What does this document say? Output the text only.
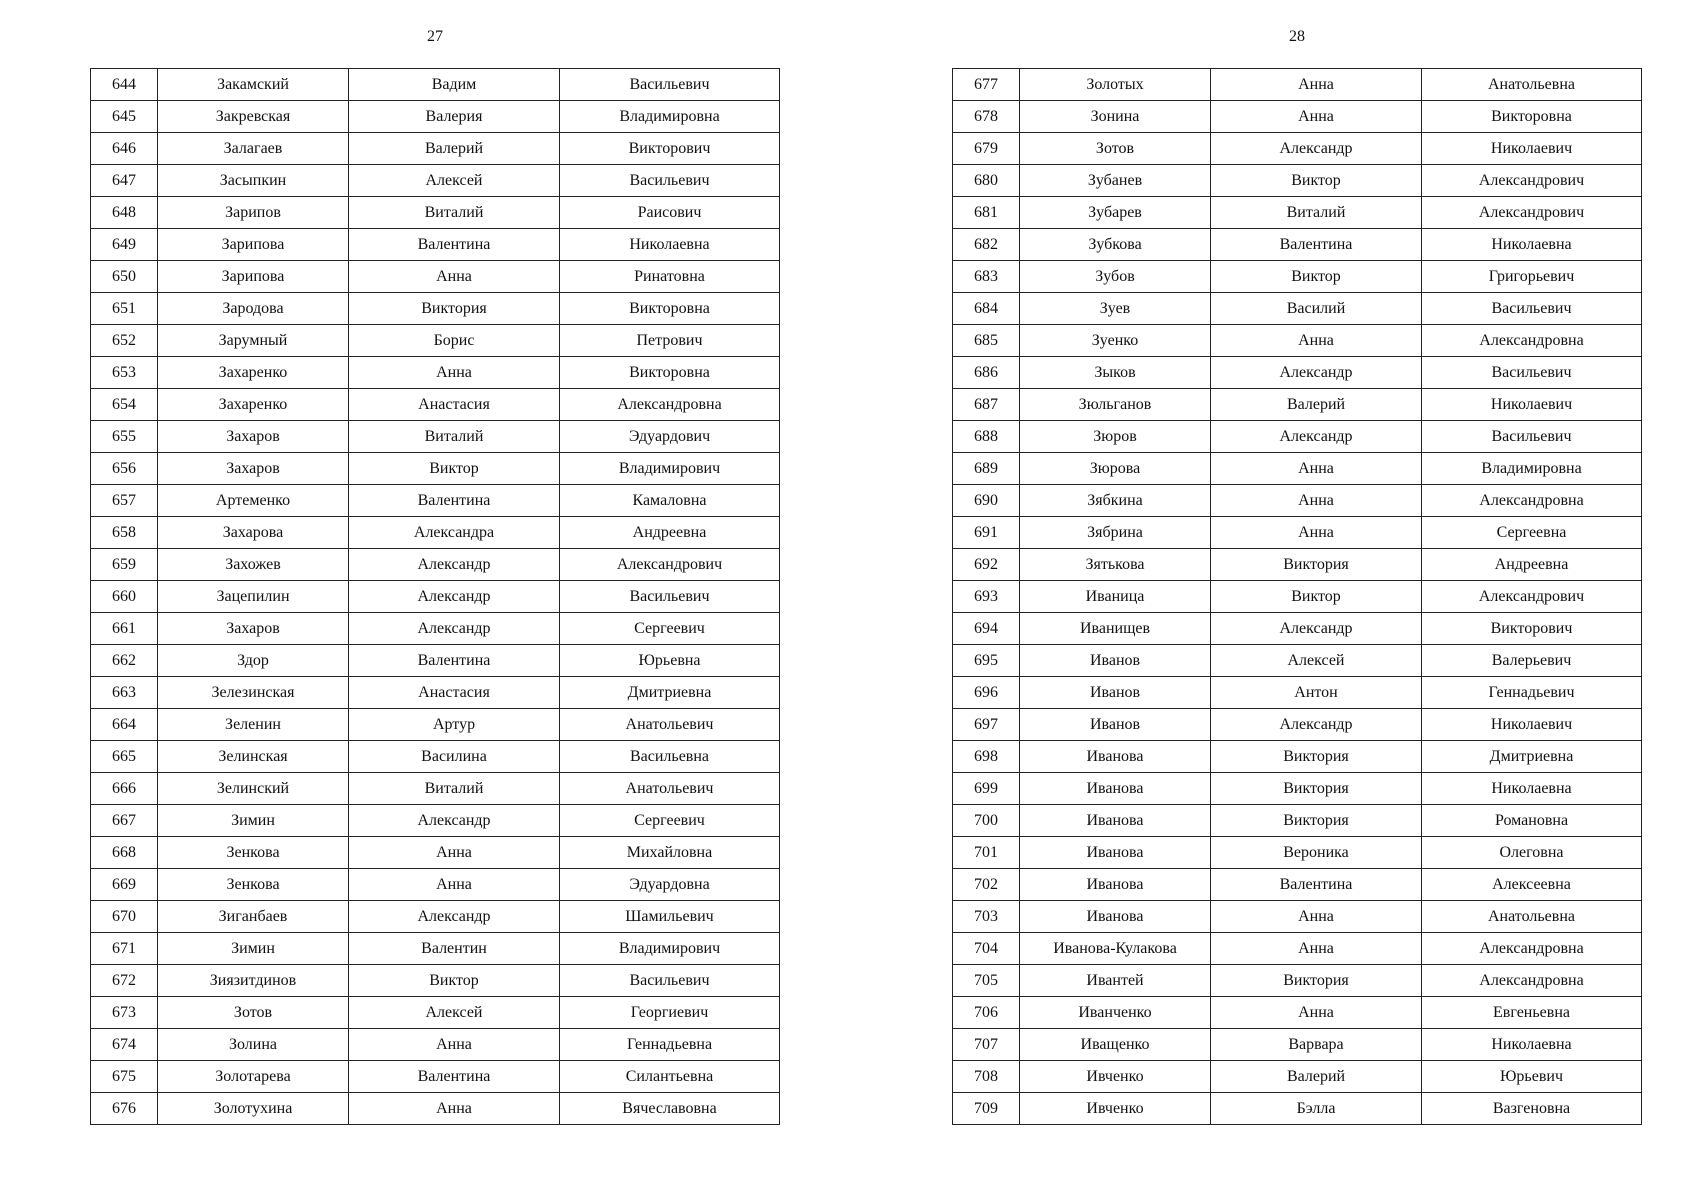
27
644	Закамский	Вадим	Васильевич
645	Закревская	Валерия	Владимировна
646	Залагаев	Валерий	Викторович
647	Засыпкин	Алексей	Васильевич
648	Зарипов	Виталий	Раисович
649	Зарипова	Валентина	Николаевна
650	Зарипова	Анна	Ринатовна
651	Зародова	Виктория	Викторовна
652	Зарумный	Борис	Петрович
653	Захаренко	Анна	Викторовна
654	Захаренко	Анастасия	Александровна
655	Захаров	Виталий	Эдуардович
656	Захаров	Виктор	Владимирович
657	Артеменко	Валентина	Камаловна
658	Захарова	Александра	Андреевна
659	Захожев	Александр	Александрович
660	Зацепилин	Александр	Васильевич
661	Захаров	Александр	Сергеевич
662	Здор	Валентина	Юрьевна
663	Зелезинская	Анастасия	Дмитриевна
664	Зеленин	Артур	Анатольевич
665	Зелинская	Василина	Васильевна
666	Зелинский	Виталий	Анатольевич
667	Зимин	Александр	Сергеевич
668	Зенкова	Анна	Михайловна
669	Зенкова	Анна	Эдуардовна
670	Зиганбаев	Александр	Шамильевич
671	Зимин	Валентин	Владимирович
672	Зиязитдинов	Виктор	Васильевич
673	Зотов	Алексей	Георгиевич
674	Золина	Анна	Геннадьевна
675	Золотарева	Валентина	Силантьевна
676	Золотухина	Анна	Вячеславовна
28
677	Золотых	Анна	Анатольевна
678	Зонина	Анна	Викторовна
679	Зотов	Александр	Николаевич
680	Зубанев	Виктор	Александрович
681	Зубарев	Виталий	Александрович
682	Зубкова	Валентина	Николаевна
683	Зубов	Виктор	Григорьевич
684	Зуев	Василий	Васильевич
685	Зуенко	Анна	Александровна
686	Зыков	Александр	Васильевич
687	Зюльганов	Валерий	Николаевич
688	Зюров	Александр	Васильевич
689	Зюрова	Анна	Владимировна
690	Зябкина	Анна	Александровна
691	Зябрина	Анна	Сергеевна
692	Зятькова	Виктория	Андреевна
693	Иваница	Виктор	Александрович
694	Иванищев	Александр	Викторович
695	Иванов	Алексей	Валерьевич
696	Иванов	Антон	Геннадьевич
697	Иванов	Александр	Николаевич
698	Иванова	Виктория	Дмитриевна
699	Иванова	Виктория	Николаевна
700	Иванова	Виктория	Романовна
701	Иванова	Вероника	Олеговна
702	Иванова	Валентина	Алексеевна
703	Иванова	Анна	Анатольевна
704	Иванова-Кулакова	Анна	Александровна
705	Ивантей	Виктория	Александровна
706	Иванченко	Анна	Евгеньевна
707	Иващенко	Варвара	Николаевна
708	Ивченко	Валерий	Юрьевич
709	Ивченко	Бэлла	Вазгеновна
